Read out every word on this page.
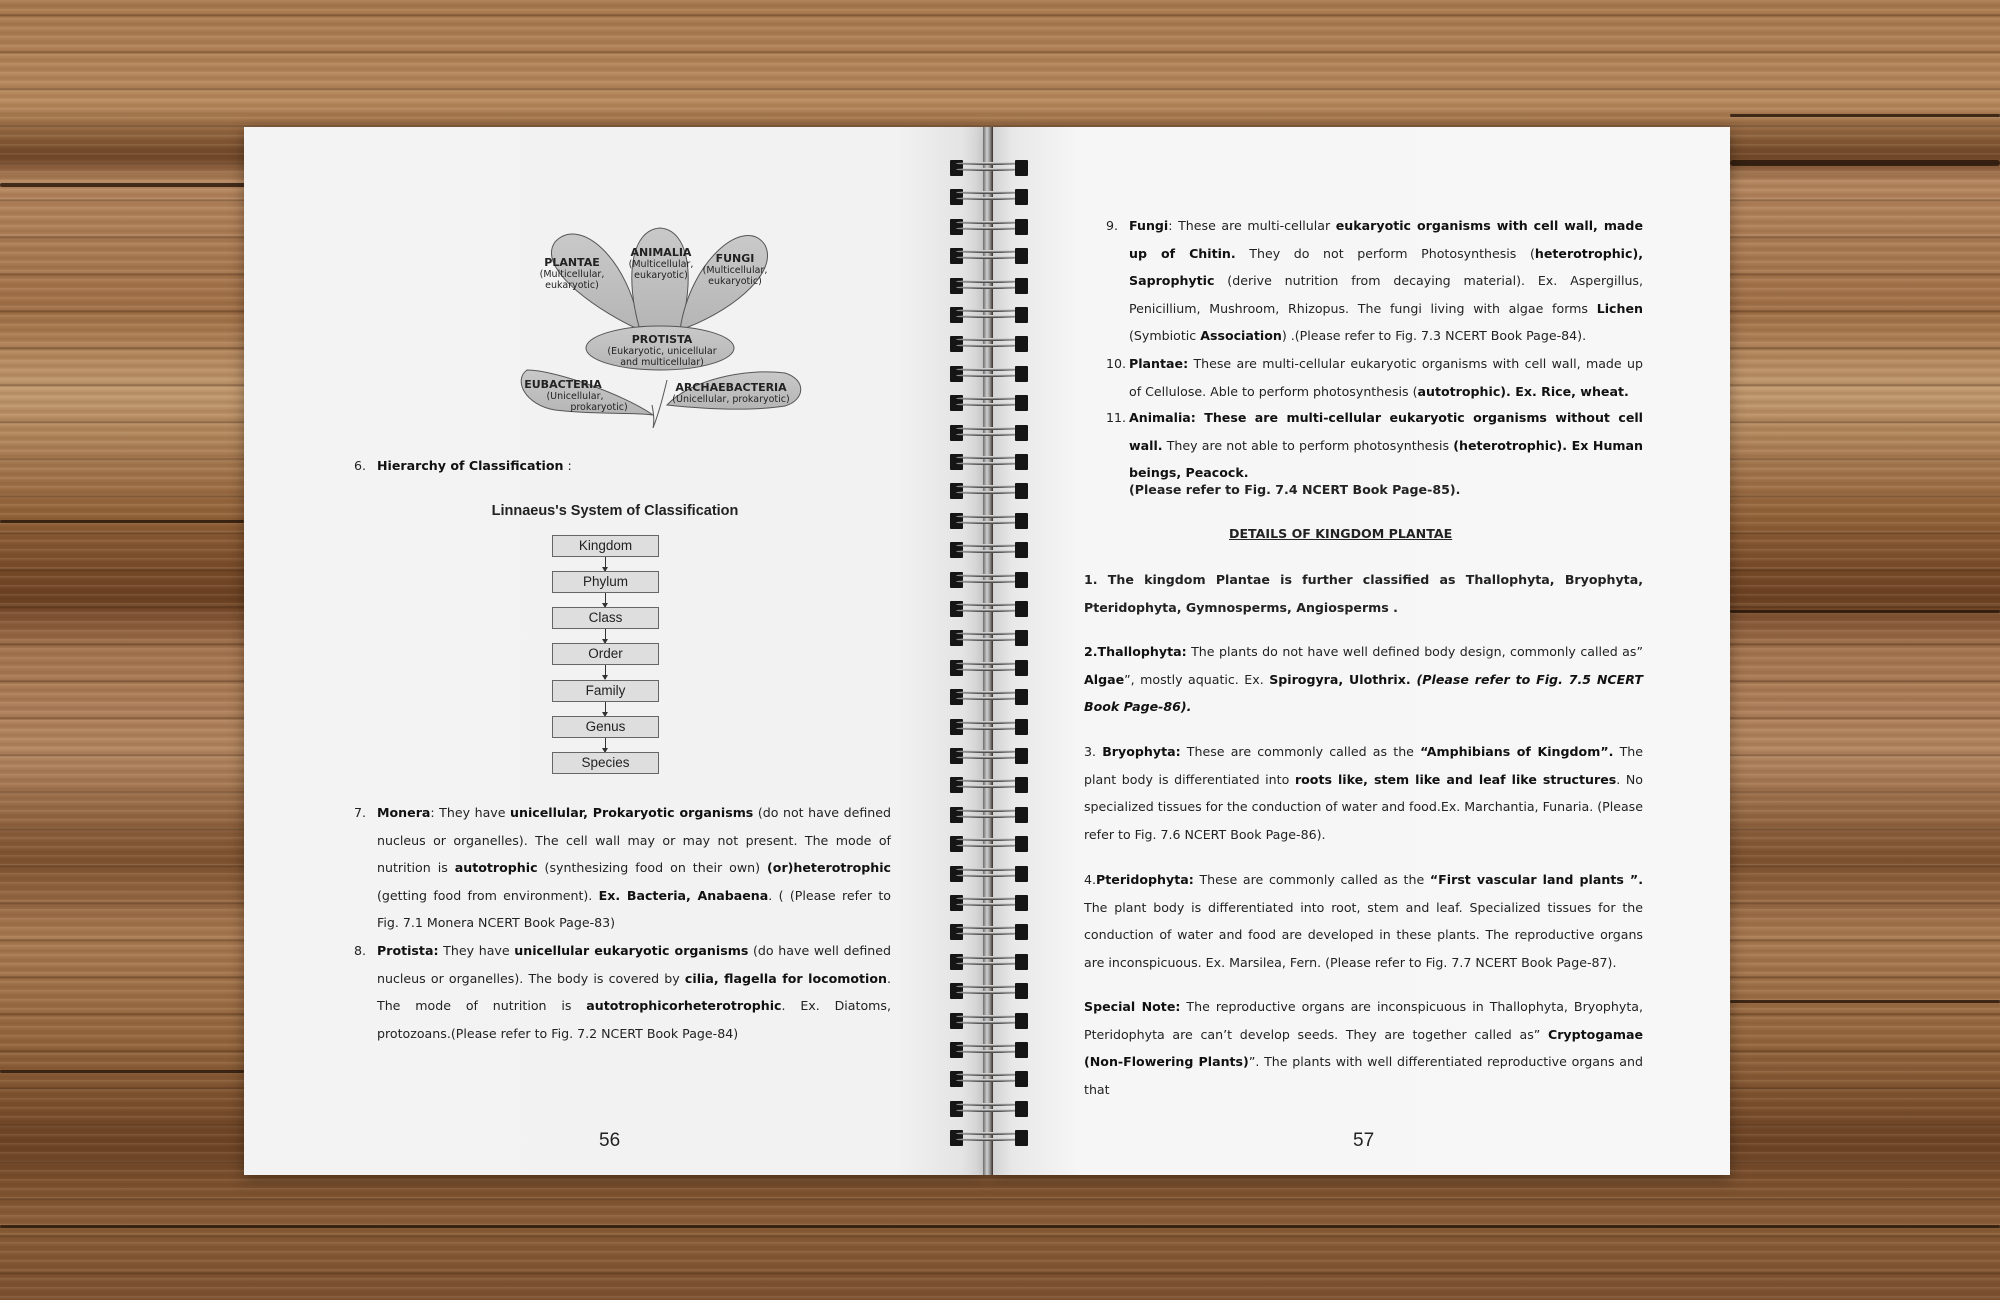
PLANTAE
(Multicellular,
eukaryotic)
ANIMALIA
(Multicellular,
eukaryotic)
FUNGI
(Multicellular,
eukaryotic)
PROTISTA
(Eukaryotic, unicellular
and multicellular)
EUBACTERIA
(Unicellular,
prokaryotic)
ARCHAEBACTERIA
(Unicellular, prokaryotic)
6. Hierarchy of Classification :
Linnaeus's System of Classification
Kingdom
Phylum
Class
Order
Family
Genus
Species
7. Monera: They have unicellular, Prokaryotic organisms (do not have defined nucleus or organelles). The cell wall may or may not present. The mode of nutrition is autotrophic (synthesizing food on their own) (or)heterotrophic (getting food from environment). Ex. Bacteria, Anabaena. ( (Please refer to Fig. 7.1 Monera NCERT Book Page-83)
8. Protista: They have unicellular eukaryotic organisms (do have well defined nucleus or organelles). The body is covered by cilia, flagella for locomotion. The mode of nutrition is autotrophicorheterotrophic. Ex. Diatoms, protozoans.(Please refer to Fig. 7.2 NCERT Book Page-84)
56
9. Fungi: These are multi-cellular eukaryotic organisms with cell wall, made up of Chitin. They do not perform Photosynthesis (heterotrophic), Saprophytic (derive nutrition from decaying material). Ex. Aspergillus, Penicillium, Mushroom, Rhizopus. The fungi living with algae forms Lichen (Symbiotic Association) .(Please refer to Fig. 7.3 NCERT Book Page-84).
10. Plantae: These are multi-cellular eukaryotic organisms with cell wall, made up of Cellulose. Able to perform photosynthesis (autotrophic). Ex. Rice, wheat.
11. Animalia: These are multi-cellular eukaryotic organisms without cell wall. They are not able to perform photosynthesis (heterotrophic). Ex Human beings, Peacock.
(Please refer to Fig. 7.4 NCERT Book Page-85).
DETAILS OF KINGDOM PLANTAE
1. The kingdom Plantae is further classified as Thallophyta, Bryophyta, Pteridophyta, Gymnosperms, Angiosperms .
2.Thallophyta: The plants do not have well defined body design, commonly called as” Algae”, mostly aquatic. Ex. Spirogyra, Ulothrix. (Please refer to Fig. 7.5 NCERT Book Page-86).
3. Bryophyta: These are commonly called as the “Amphibians of Kingdom”. The plant body is differentiated into roots like, stem like and leaf like structures. No specialized tissues for the conduction of water and food.Ex. Marchantia, Funaria. (Please refer to Fig. 7.6 NCERT Book Page-86).
4.Pteridophyta: These are commonly called as the “First vascular land plants ”. The plant body is differentiated into root, stem and leaf. Specialized tissues for the conduction of water and food are developed in these plants. The reproductive organs are inconspicuous. Ex. Marsilea, Fern. (Please refer to Fig. 7.7 NCERT Book Page-87).
Special Note: The reproductive organs are inconspicuous in Thallophyta, Bryophyta, Pteridophyta are can’t develop seeds. They are together called as” Cryptogamae (Non-Flowering Plants)”. The plants with well differentiated reproductive organs and that
57
